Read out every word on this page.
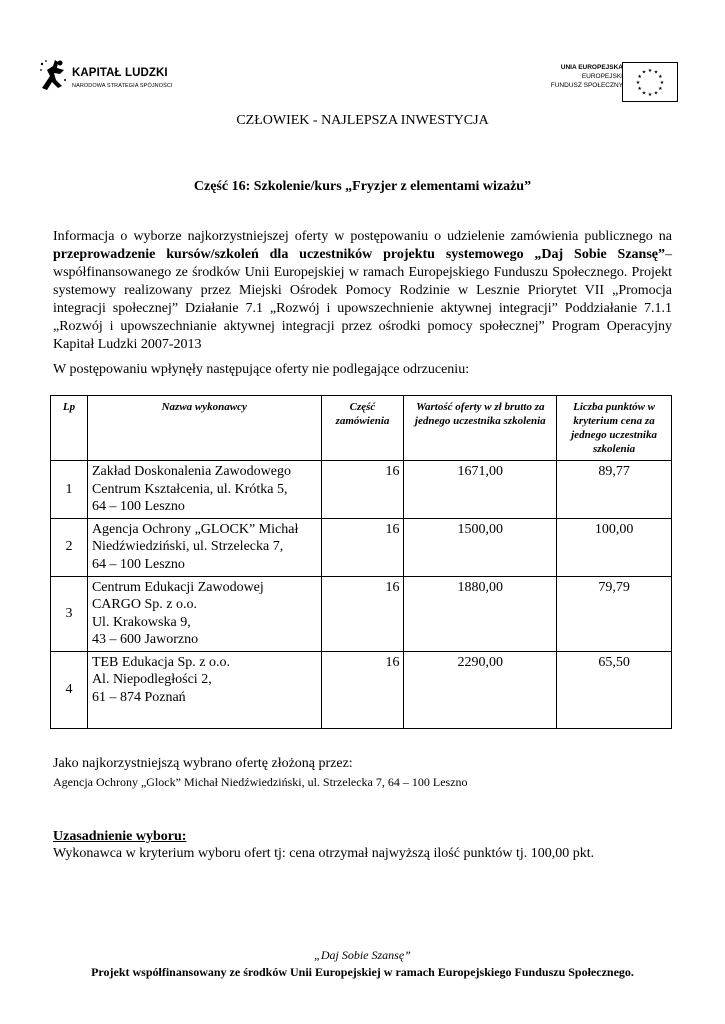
KAPITAŁ LUDZKI
NARODOWA STRATEGIA SPÓJNOŚCI
UNIA EUROPEJSKA
EUROPEJSKI
FUNDUSZ SPOŁECZNY
★ ★
★
★
★
★
★
★
★
★
★
★
CZŁOWIEK - NAJLEPSZA INWESTYCJA
Część 16: Szkolenie/kurs „Fryzjer z elementami wizażu”

Informacja o wyborze najkorzystniejszej oferty w postępowaniu o udzielenie zamówienia publicznego na przeprowadzenie kursów/szkoleń dla uczestników projektu systemowego „Daj Sobie Szansę”– współfinansowanego ze środków Unii Europejskiej w ramach Europejskiego Funduszu Społecznego. Projekt systemowy realizowany przez Miejski Ośrodek Pomocy Rodzinie w Lesznie Priorytet VII „Promocja integracji społecznej” Działanie 7.1 „Rozwój i upowszechnienie aktywnej integracji” Poddziałanie 7.1.1 „Rozwój i upowszechnianie aktywnej integracji przez ośrodki pomocy społecznej” Program Operacyjny Kapitał Ludzki 2007-2013

W postępowaniu wpłynęły następujące oferty nie podlegające odrzuceniu:

Lp	Nazwa wykonawcy	Część zamówienia	Wartość oferty w zł brutto za jednego uczestnika szkolenia	Liczba punktów w kryterium cena za jednego uczestnika szkolenia
1	Zakład Doskonalenia Zawodowego
Centrum Kształcenia, ul. Krótka 5,
64 – 100 Leszno	16	1671,00	89,77
2	Agencja Ochrony „GLOCK” Michał
Niedźwiedziński, ul. Strzelecka 7,
64 – 100 Leszno	16	1500,00	100,00
3	Centrum Edukacji Zawodowej
CARGO Sp. z o.o.
Ul. Krakowska 9,
43 – 600 Jaworzno	16	1880,00	79,79
4	TEB Edukacja Sp. z o.o.
Al. Niepodległości 2,
61 – 874 Poznań	16	2290,00	65,50

Jako najkorzystniejszą wybrano ofertę złożoną przez:

Agencja Ochrony „Glock” Michał Niedźwiedziński, ul. Strzelecka 7, 64 – 100 Leszno

Uzasadnienie wyboru:

Wykonawca w kryterium wyboru ofert tj: cena otrzymał najwyższą ilość punktów tj. 100,00 pkt.

„Daj Sobie Szansę”
Projekt współfinansowany ze środków Unii Europejskiej w ramach Europejskiego Funduszu Społecznego.
